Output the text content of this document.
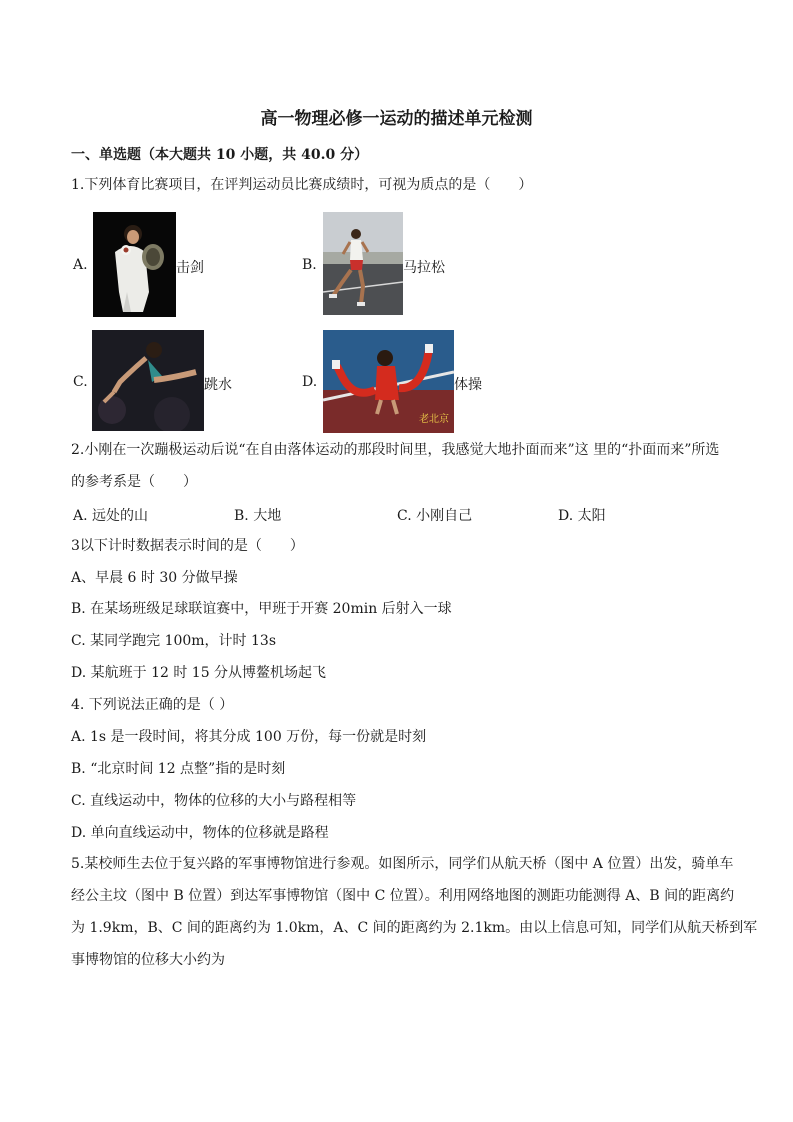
高一物理必修一运动的描述单元检测
一、单选题（本大题共 10 小题，共 40.0 分）
1.下列体育比赛项目，在评判运动员比赛成绩时，可视为质点的是（　　）
A.	击剑	B.	马拉松
C.	跳水	D.
老北京
体操
2.小刚在一次蹦极运动后说“在自由落体运动的那段时间里，我感觉大地扑面而来”这 里的“扑面而来”所选
的参考系是（　　）
A. 远处的山	B. 大地	C. 小刚自己	D. 太阳
3以下计时数据表示时间的是（　　）
A、早晨 6 时 30 分做早操
B. 在某场班级足球联谊赛中，甲班于开赛 20min 后射入一球
C. 某同学跑完 100m，计时 13s
D. 某航班于 12 时 15 分从博鳌机场起飞
4. 下列说法正确的是（ ）
A. 1s 是一段时间，将其分成 100 万份，每一份就是时刻
B. “北京时间 12 点整”指的是时刻
C. 直线运动中，物体的位移的大小与路程相等
D. 单向直线运动中，物体的位移就是路程
5.某校师生去位于复兴路的军事博物馆进行参观。如图所示，同学们从航天桥（图中 A 位置）出发，骑单车
经公主坟（图中 B 位置）到达军事博物馆（图中 C 位置）。利用网络地图的测距功能测得 A、B 间的距离约
为 1.9km，B、C 间的距离约为 1.0km，A、C 间的距离约为 2.1km。由以上信息可知，同学们从航天桥到军
事博物馆的位移大小约为
